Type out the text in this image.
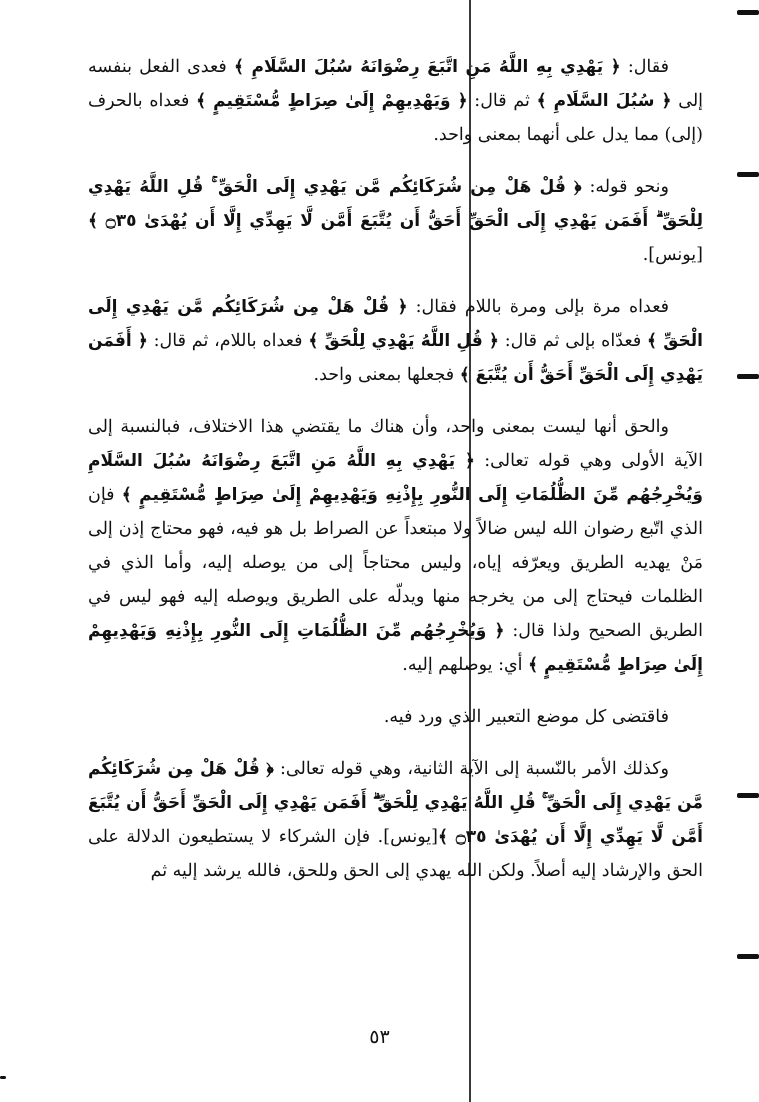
فقال: ﴿ يَهْدِي بِهِ اللَّهُ مَنِ اتَّبَعَ رِضْوَانَهُ سُبُلَ السَّلَامِ ﴾ فعدى الفعل بنفسه إلى ﴿ سُبُلَ السَّلَامِ ﴾ ثم قال: ﴿ وَيَهْدِيهِمْ إِلَىٰ صِرَاطٍ مُّسْتَقِيمٍ ﴾ فعداه بالحرف (إلى) مما يدل على أنهما بمعنى واحد.

ونحو قوله: ﴿ قُلْ هَلْ مِن شُرَكَائِكُم مَّن يَهْدِي إِلَى الْحَقِّ ۚ قُلِ اللَّهُ يَهْدِي لِلْحَقِّ ۗ أَفَمَن يَهْدِي إِلَى الْحَقِّ أَحَقُّ أَن يُتَّبَعَ أَمَّن لَّا يَهِدِّي إِلَّا أَن يُهْدَىٰ ۝٣٥ ﴾[يونس].

فعداه مرة بإلى ومرة باللام فقال: ﴿ قُلْ هَلْ مِن شُرَكَائِكُم مَّن يَهْدِي إِلَى الْحَقِّ ﴾ فعدّاه بإلى ثم قال: ﴿ قُلِ اللَّهُ يَهْدِي لِلْحَقِّ ﴾ فعداه باللام، ثم قال: ﴿ أَفَمَن يَهْدِي إِلَى الْحَقِّ أَحَقُّ أَن يُتَّبَعَ ﴾ فجعلها بمعنى واحد.

والحق أنها ليست بمعنى واحد، وأن هناك ما يقتضي هذا الاختلاف، فبالنسبة إلى الآية الأولى وهي قوله تعالى: ﴿ يَهْدِي بِهِ اللَّهُ مَنِ اتَّبَعَ رِضْوَانَهُ سُبُلَ السَّلَامِ وَيُخْرِجُهُم مِّنَ الظُّلُمَاتِ إِلَى النُّورِ بِإِذْنِهِ وَيَهْدِيهِمْ إِلَىٰ صِرَاطٍ مُّسْتَقِيمٍ ﴾ فإن الذي اتّبع رضوان الله ليس ضالاً ولا مبتعداً عن الصراط بل هو فيه، فهو محتاج إذن إلى مَنْ يهديه الطريق ويعرّفه إياه، وليس محتاجاً إلى من يوصله إليه، وأما الذي في الظلمات فيحتاج إلى من يخرجه منها ويدلّه على الطريق ويوصله إليه فهو ليس في الطريق الصحيح ولذا قال: ﴿ وَيُخْرِجُهُم مِّنَ الظُّلُمَاتِ إِلَى النُّورِ بِإِذْنِهِ وَيَهْدِيهِمْ إِلَىٰ صِرَاطٍ مُّسْتَقِيمٍ ﴾ أي: يوصلهم إليه.

فاقتضى كل موضع التعبير الذي ورد فيه.

وكذلك الأمر بالنّسبة إلى الآية الثانية، وهي قوله تعالى: ﴿ قُلْ هَلْ مِن شُرَكَائِكُم مَّن يَهْدِي إِلَى الْحَقِّ ۚ قُلِ اللَّهُ يَهْدِي لِلْحَقِّ ۗ أَفَمَن يَهْدِي إِلَى الْحَقِّ أَحَقُّ أَن يُتَّبَعَ أَمَّن لَّا يَهِدِّي إِلَّا أَن يُهْدَىٰ ۝٣٥ ﴾[يونس]. فإن الشركاء لا يستطيعون الدلالة على الحق والإرشاد إليه أصلاً. ولكن الله يهدي إلى الحق وللحق، فالله يرشد إليه ثم

٥٣
